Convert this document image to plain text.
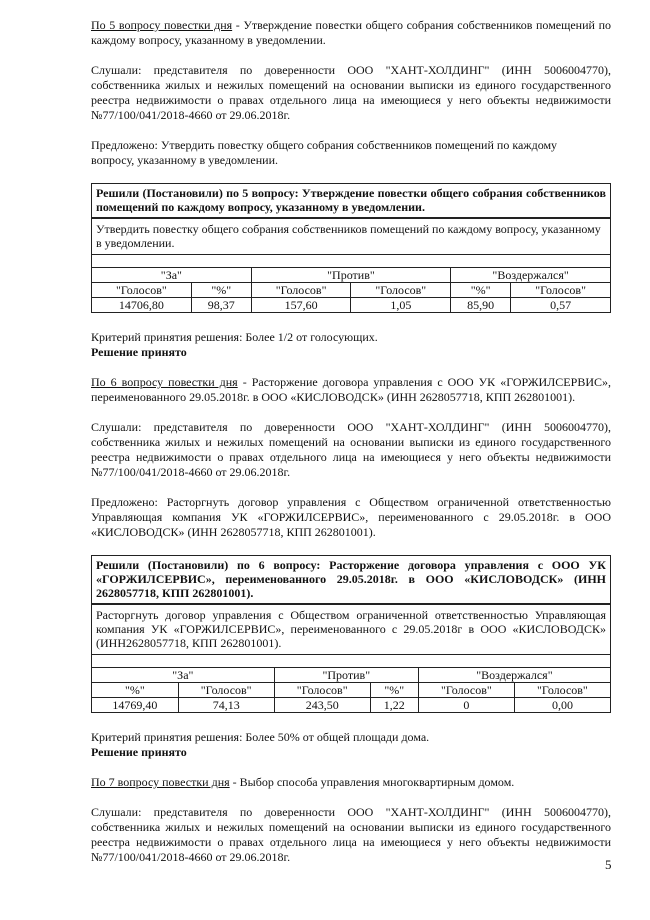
По 5 вопросу повестки дня - Утверждение повестки общего собрания собственников помещений по каждому вопросу, указанному в уведомлении.

Слушали: представителя по доверенности ООО "ХАНТ-ХОЛДИНГ" (ИНН 5006004770), собственника жилых и нежилых помещений на основании выписки из единого государственного реестра недвижимости о правах отдельного лица на имеющиеся у него объекты недвижимости №77/100/041/2018-4660 от 29.06.2018г.

Предложено: Утвердить повестку общего собрания собственников помещений по каждому вопросу, указанному в уведомлении.

Решили (Постановили) по 5 вопросу: Утверждение повестки общего собрания собственников помещений по каждому вопросу, указанному в уведомлении.					
Утвердить повестку общего собрания собственников помещений по каждому вопросу, указанному в уведомлении.					

"За"		"Против"		"Воздержался"	
"Голосов"	"%"	"Голосов"	"Голосов"	"%"	"Голосов"
14706,80	98,37	157,60	1,05	85,90	0,57

Критерий принятия решения: Более 1/2 от голосующих.

Решение принято

По 6 вопросу повестки дня - Расторжение договора управления с ООО УК «ГОРЖИЛСЕРВИС», переименованного 29.05.2018г. в ООО «КИСЛОВОДСК» (ИНН 2628057718, КПП 262801001).

Слушали: представителя по доверенности ООО "ХАНТ-ХОЛДИНГ" (ИНН 5006004770), собственника жилых и нежилых помещений на основании выписки из единого государственного реестра недвижимости о правах отдельного лица на имеющиеся у него объекты недвижимости №77/100/041/2018-4660 от 29.06.2018г.

Предложено: Расторгнуть договор управления с Обществом ограниченной ответственностью Управляющая компания УК «ГОРЖИЛСЕРВИС», переименованного с 29.05.2018г. в ООО «КИСЛОВОДСК» (ИНН 2628057718, КПП 262801001).

Решили (Постановили) по 6 вопросу: Расторжение договора управления с ООО УК «ГОРЖИЛСЕРВИС», переименованного 29.05.2018г. в ООО «КИСЛОВОДСК» (ИНН 2628057718, КПП 262801001).					
Расторгнуть договор управления с Обществом ограниченной ответственностью Управляющая компания УК «ГОРЖИЛСЕРВИС», переименованного с 29.05.2018г в ООО «КИСЛОВОДСК» (ИНН2628057718, КПП 262801001).					

"За"		"Против"		"Воздержался"	
"%"	"Голосов"	"Голосов"	"%"	"Голосов"	"Голосов"
14769,40	74,13	243,50	1,22	0	0,00

Критерий принятия решения: Более 50% от общей площади дома.

Решение принято

По 7 вопросу повестки дня - Выбор способа управления многоквартирным домом.

Слушали: представителя по доверенности ООО "ХАНТ-ХОЛДИНГ" (ИНН 5006004770), собственника жилых и нежилых помещений на основании выписки из единого государственного реестра недвижимости о правах отдельного лица на имеющиеся у него объекты недвижимости №77/100/041/2018-4660 от 29.06.2018г.	5
